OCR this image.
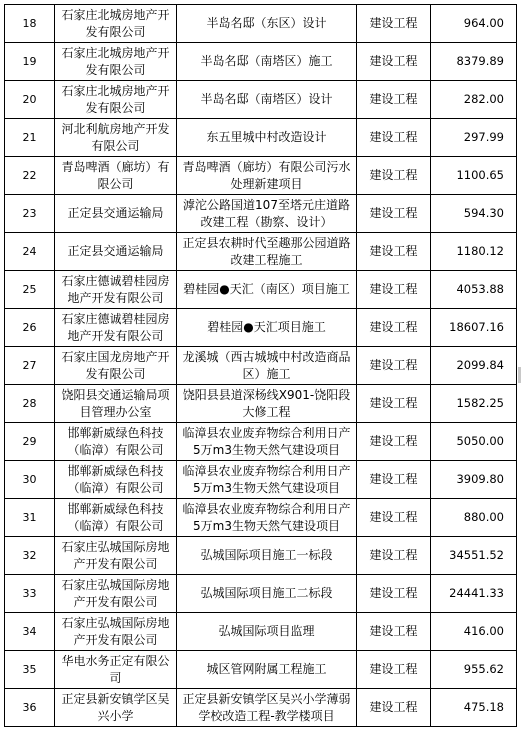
18	石家庄北城房地产开发有限公司	半岛名邸（东区）设计	建设工程	964.00
19	石家庄北城房地产开发有限公司	半岛名邸（南塔区）施工	建设工程	8379.89
20	石家庄北城房地产开发有限公司	半岛名邸（南塔区）设计	建设工程	282.00
21	河北利航房地产开发有限公司	东五里城中村改造设计	建设工程	297.99
22	青岛啤酒（廊坊）有限公司	青岛啤酒（廊坊）有限公司污水处理新建项目	建设工程	1100.65
23	正定县交通运输局	滹沱公路国道107至塔元庄道路改建工程（勘察、设计）	建设工程	594.30
24	正定县交通运输局	正定县农耕时代至趣那公园道路改建工程施工	建设工程	1180.12
25	石家庄德诚碧桂园房地产开发有限公司	碧桂园●天汇（南区）项目施工	建设工程	4053.88
26	石家庄德诚碧桂园房地产开发有限公司	碧桂园●天汇项目施工	建设工程	18607.16
27	石家庄国龙房地产开发有限公司	龙溪城（西古城城中村改造商品区）施工	建设工程	2099.84
28	饶阳县交通运输局项目管理办公室	饶阳县县道深杨线X901-饶阳段大修工程	建设工程	1582.25
29	邯郸新威绿色科技（临漳）有限公司	临漳县农业废弃物综合利用日产5万m3生物天然气建设项目	建设工程	5050.00
30	邯郸新威绿色科技（临漳）有限公司	临漳县农业废弃物综合利用日产5万m3生物天然气建设项目	建设工程	3909.80
31	邯郸新威绿色科技（临漳）有限公司	临漳县农业废弃物综合利用日产5万m3生物天然气建设项目	建设工程	880.00
32	石家庄弘城国际房地产开发有限公司	弘城国际项目施工一标段	建设工程	34551.52
33	石家庄弘城国际房地产开发有限公司	弘城国际项目施工二标段	建设工程	24441.33
34	石家庄弘城国际房地产开发有限公司	弘城国际项目监理	建设工程	416.00
35	华电水务正定有限公司	城区管网附属工程施工	建设工程	955.62
36	正定县新安镇学区吴兴小学	正定县新安镇学区吴兴小学薄弱学校改造工程-教学楼项目	建设工程	475.18
